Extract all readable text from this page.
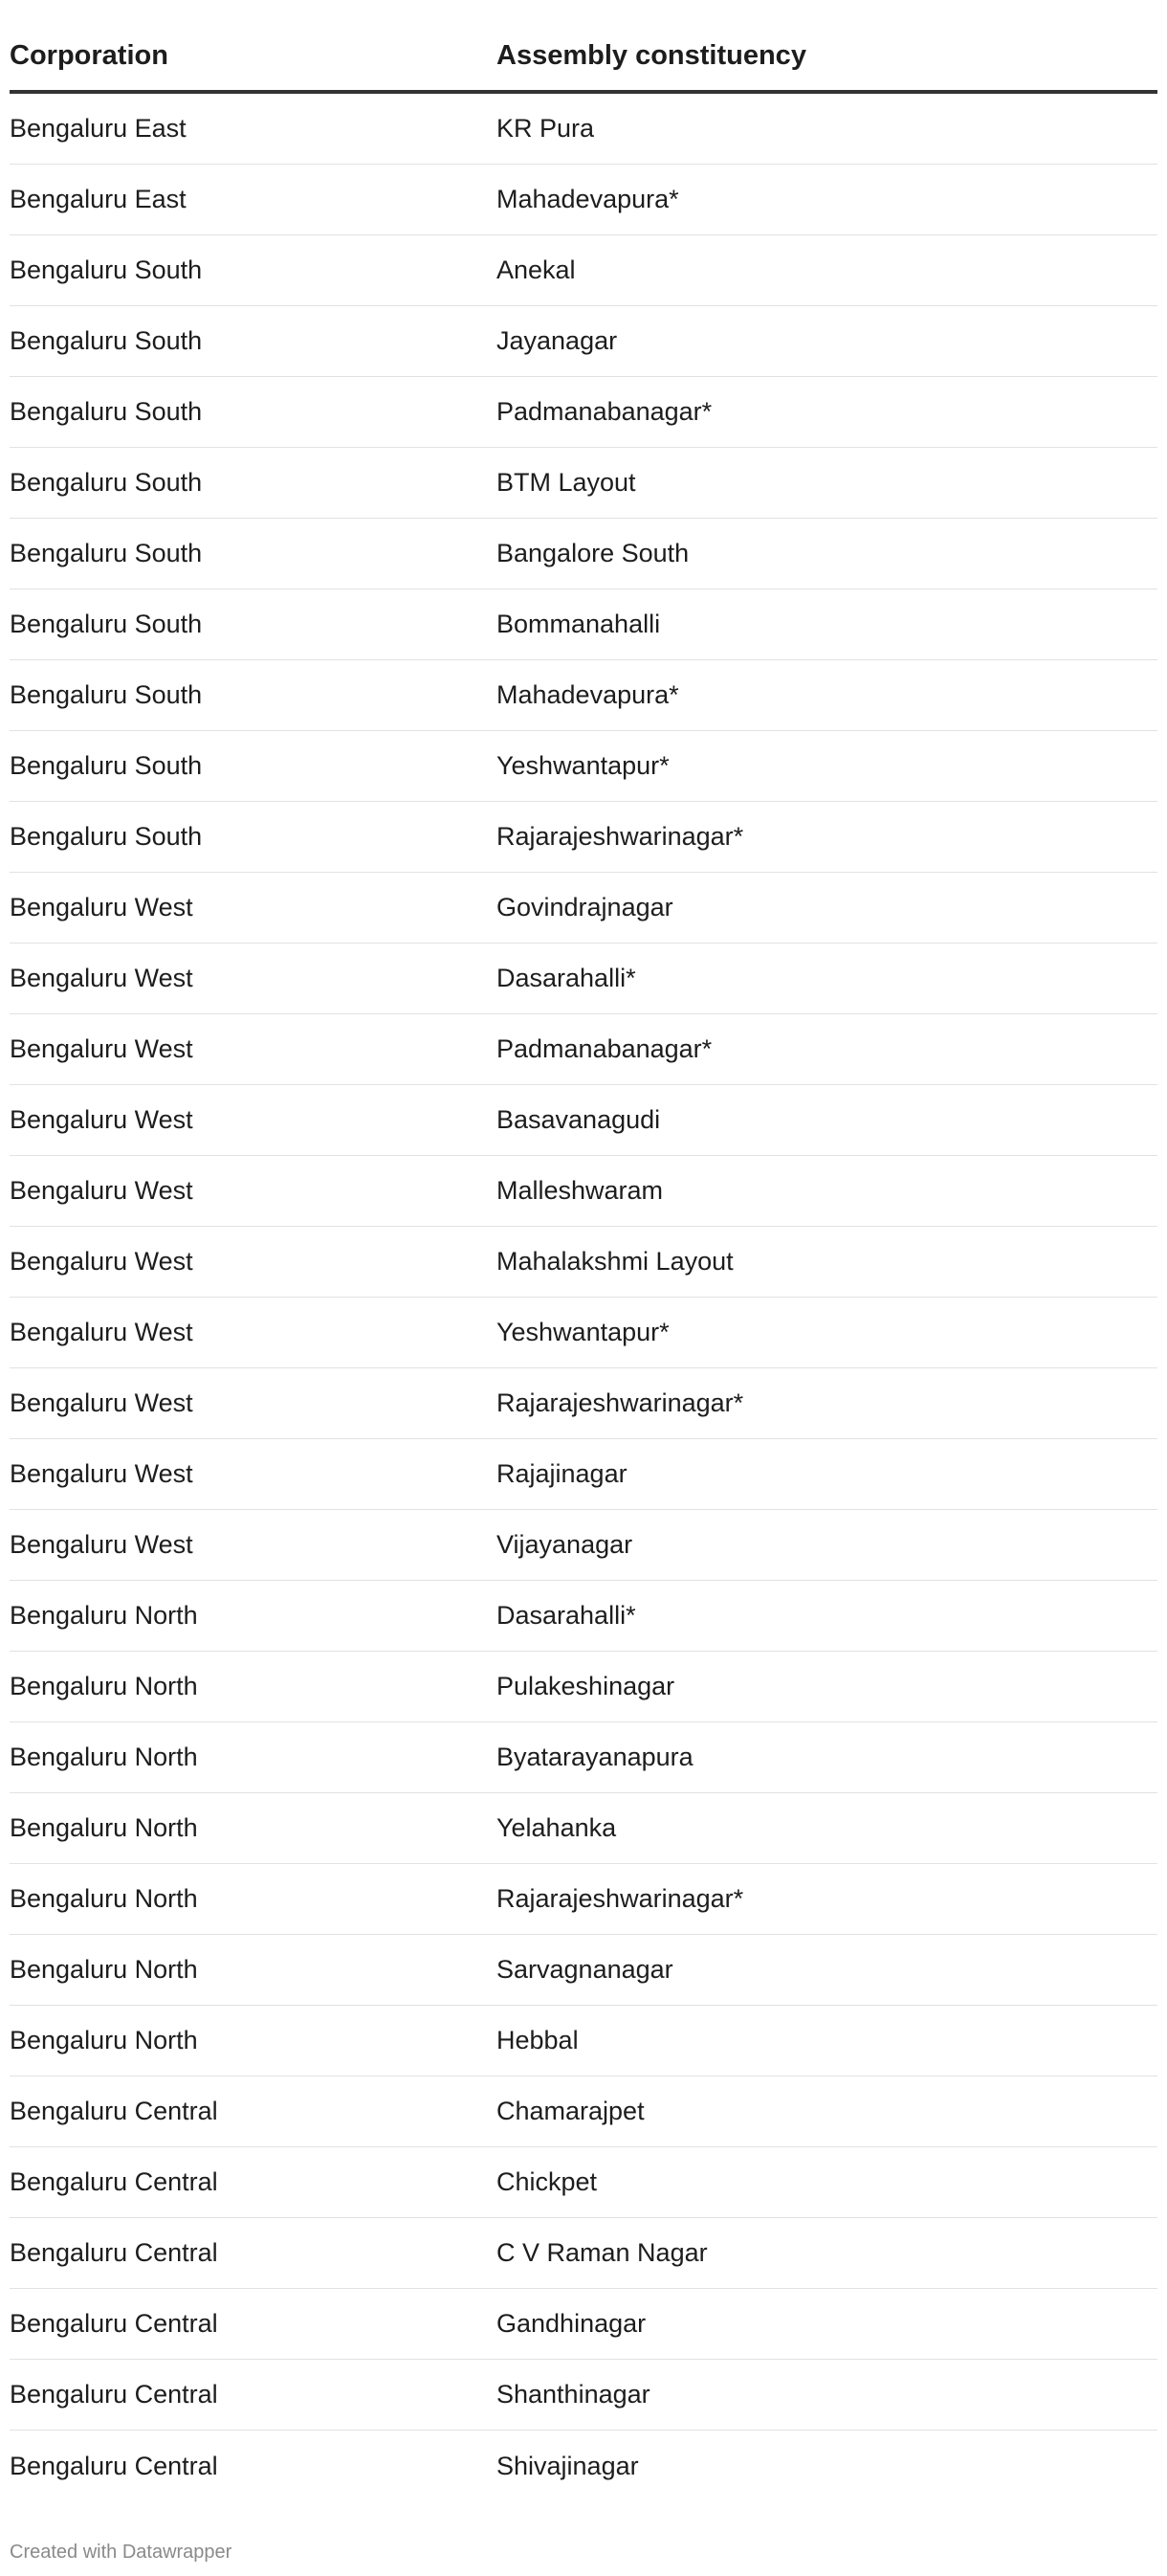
Corporation	Assembly constituency
Bengaluru East	KR Pura
Bengaluru East	Mahadevapura*
Bengaluru South	Anekal
Bengaluru South	Jayanagar
Bengaluru South	Padmanabanagar*
Bengaluru South	BTM Layout
Bengaluru South	Bangalore South
Bengaluru South	Bommanahalli
Bengaluru South	Mahadevapura*
Bengaluru South	Yeshwantapur*
Bengaluru South	Rajarajeshwarinagar*
Bengaluru West	Govindrajnagar
Bengaluru West	Dasarahalli*
Bengaluru West	Padmanabanagar*
Bengaluru West	Basavanagudi
Bengaluru West	Malleshwaram
Bengaluru West	Mahalakshmi Layout
Bengaluru West	Yeshwantapur*
Bengaluru West	Rajarajeshwarinagar*
Bengaluru West	Rajajinagar
Bengaluru West	Vijayanagar
Bengaluru North	Dasarahalli*
Bengaluru North	Pulakeshinagar
Bengaluru North	Byatarayanapura
Bengaluru North	Yelahanka
Bengaluru North	Rajarajeshwarinagar*
Bengaluru North	Sarvagnanagar
Bengaluru North	Hebbal
Bengaluru Central	Chamarajpet
Bengaluru Central	Chickpet
Bengaluru Central	C V Raman Nagar
Bengaluru Central	Gandhinagar
Bengaluru Central	Shanthinagar
Bengaluru Central	Shivajinagar
Created with Datawrapper
